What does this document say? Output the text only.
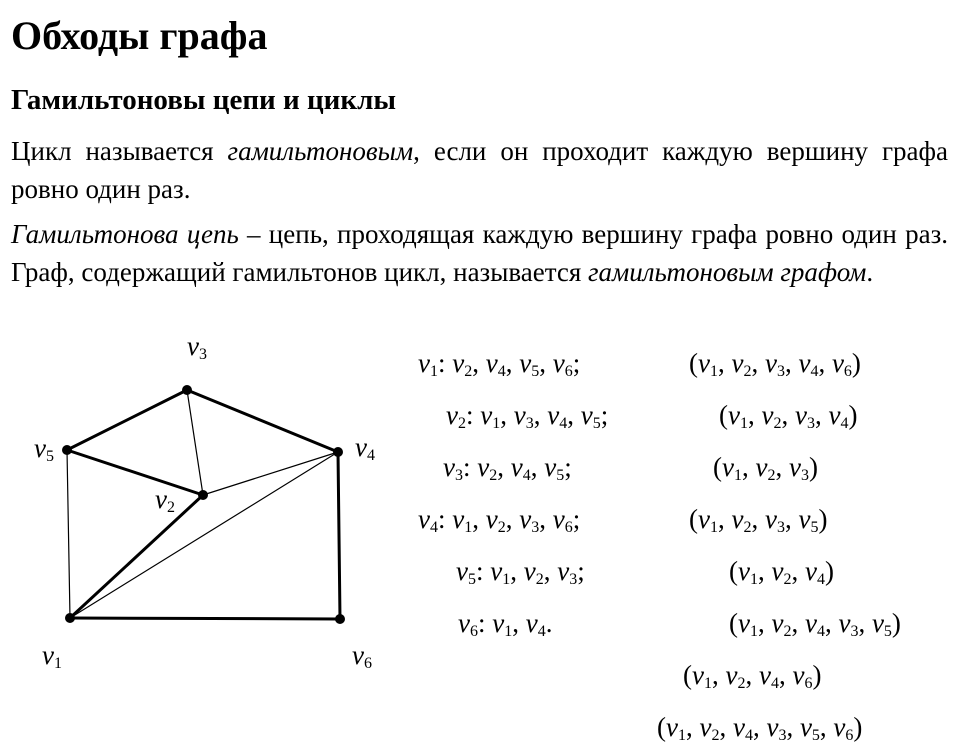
Обходы графа
Гамильтоновы цепи и циклы

Цикл называется гамильтоновым, если он проходит каждую вершину графа ровно один раз.

Гамильтонова цепь – цепь, проходящая каждую вершину графа ровно один раз. Граф, содержащий гамильтонов цикл, называется гамильтоновым графом.

$v_1$
$v_2$
$v_3$
$v_4$
$v_5$
$v_6$
$v_1$: $v_2$, $v_4$, $v_5$, $v_6$;
$v_2$: $v_1$, $v_3$, $v_4$, $v_5$;
$v_3$: $v_2$, $v_4$, $v_5$;
$v_4$: $v_1$, $v_2$, $v_3$, $v_6$;
$v_5$: $v_1$, $v_2$, $v_3$;
$v_6$: $v_1$, $v_4$.
($v_1$, $v_2$, $v_3$, $v_4$, $v_6$)
($v_1$, $v_2$, $v_3$, $v_4$)
($v_1$, $v_2$, $v_3$)
($v_1$, $v_2$, $v_3$, $v_5$)
($v_1$, $v_2$, $v_4$)
($v_1$, $v_2$, $v_4$, $v_3$, $v_5$)
($v_1$, $v_2$, $v_4$, $v_6$)
($v_1$, $v_2$, $v_4$, $v_3$, $v_5$, $v_6$)
